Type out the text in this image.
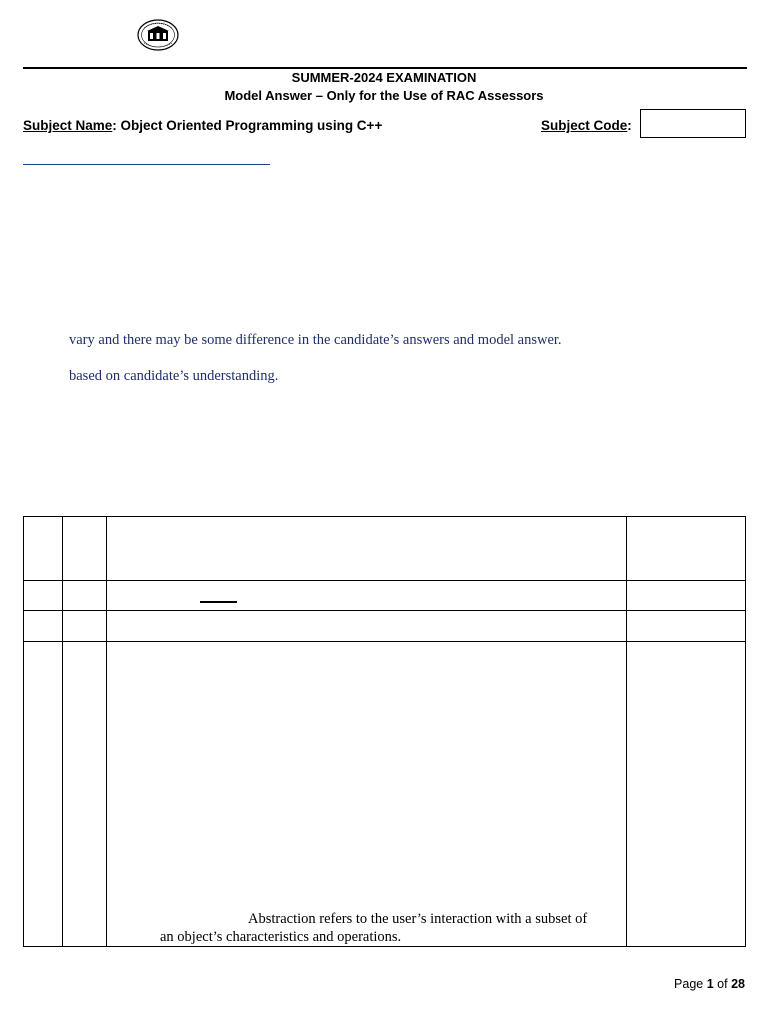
SUMMER-2024 EXAMINATION
Model Answer – Only for the Use of RAC Assessors
Subject Name: Object Oriented Programming using C++	Subject Code:
vary and there may be some difference in the candidate’s answers and model answer.
based on candidate’s understanding.
Abstraction refers to the user’s interaction with a subset of
an object’s characteristics and operations.
Page 1 of 28
